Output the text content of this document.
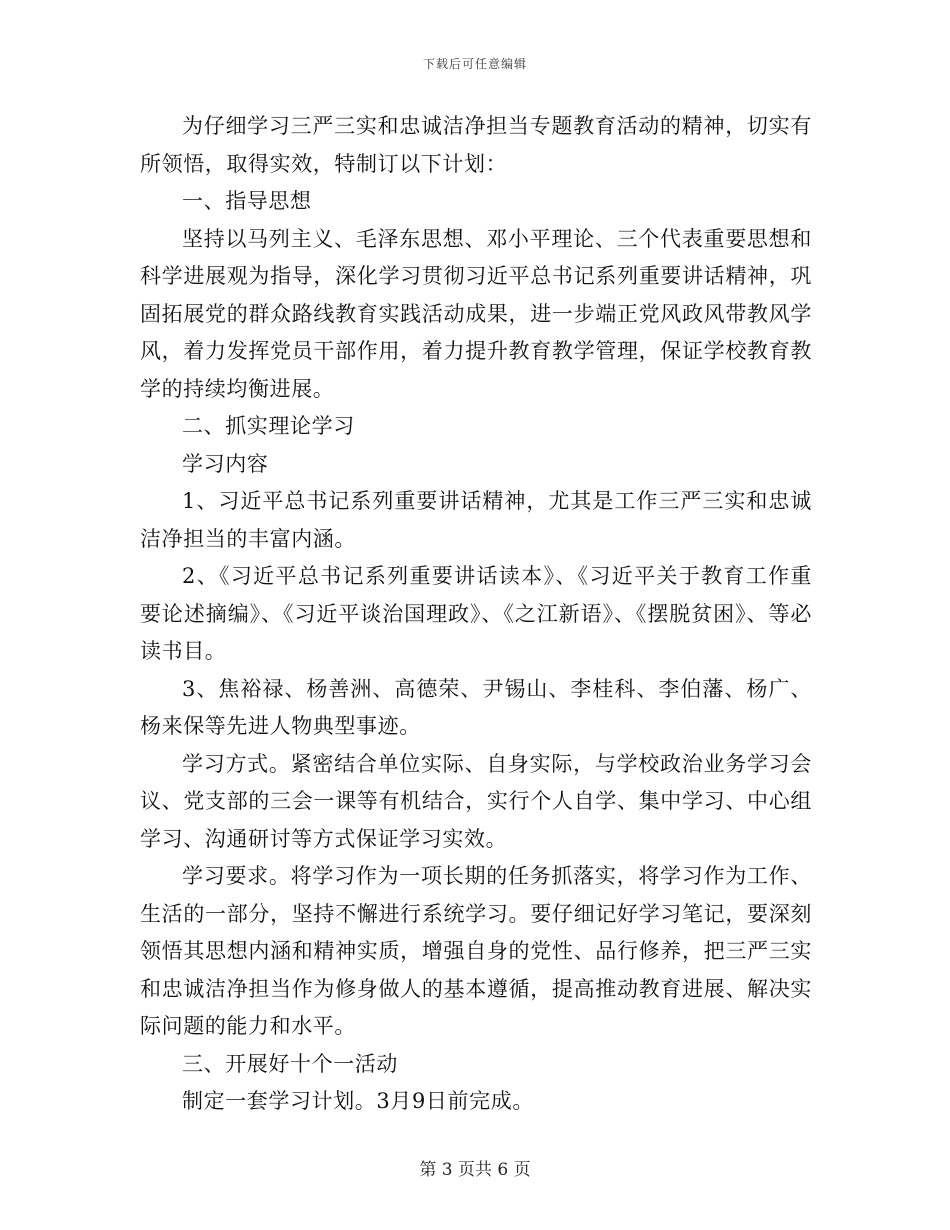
下载后可任意编辑

为仔细学习三严三实和忠诚洁净担当专题教育活动的精神，切实有所领悟，取得实效，特制订以下计划：

一、指导思想

坚持以马列主义、毛泽东思想、邓小平理论、三个代表重要思想和科学进展观为指导，深化学习贯彻习近平总书记系列重要讲话精神，巩固拓展党的群众路线教育实践活动成果，进一步端正党风政风带教风学风，着力发挥党员干部作用，着力提升教育教学管理，保证学校教育教学的持续均衡进展。

二、抓实理论学习

学习内容

1、习近平总书记系列重要讲话精神，尤其是工作三严三实和忠诚洁净担当的丰富内涵。

2、《习近平总书记系列重要讲话读本》、《习近平关于教育工作重要论述摘编》、《习近平谈治国理政》、《之江新语》、《摆脱贫困》、等必读书目。

3、焦裕禄、杨善洲、高德荣、尹锡山、李桂科、李伯藩、杨广、杨来保等先进人物典型事迹。

学习方式。紧密结合单位实际、自身实际，与学校政治业务学习会议、党支部的三会一课等有机结合，实行个人自学、集中学习、中心组学习、沟通研讨等方式保证学习实效。

学习要求。将学习作为一项长期的任务抓落实，将学习作为工作、生活的一部分，坚持不懈进行系统学习。要仔细记好学习笔记，要深刻领悟其思想内涵和精神实质，增强自身的党性、品行修养，把三严三实和忠诚洁净担当作为修身做人的基本遵循，提高推动教育进展、解决实际问题的能力和水平。

三、开展好十个一活动

制定一套学习计划。3月9日前完成。

第 3 页共 6 页
